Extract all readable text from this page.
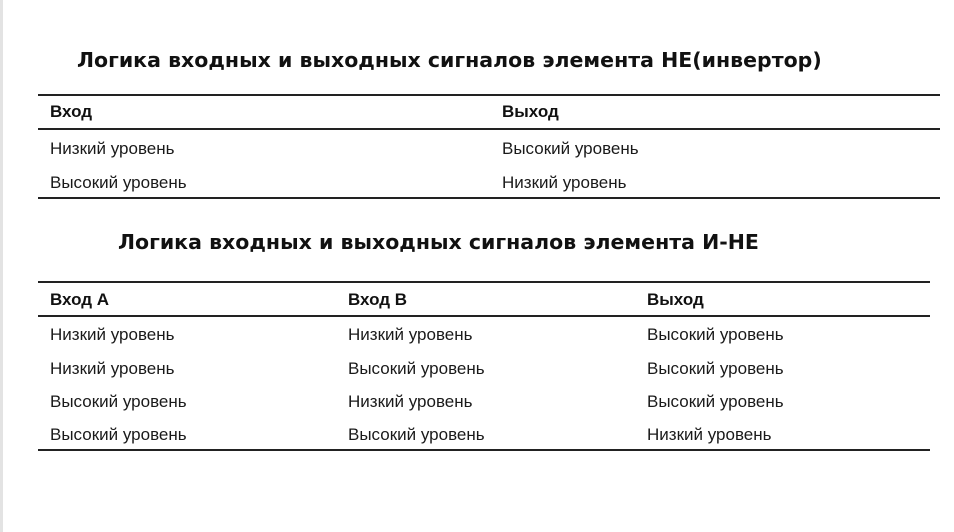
Логика входных и выходных сигналов элемента НЕ(инвертор)
Вход	Выход
Низкий уровень	Высокий уровень
Высокий уровень	Низкий уровень
Логика входных и выходных сигналов элемента И-НЕ
Вход A	Вход B	Выход
Низкий уровень	Низкий уровень	Высокий уровень
Низкий уровень	Высокий уровень	Высокий уровень
Высокий уровень	Низкий уровень	Высокий уровень
Высокий уровень	Высокий уровень	Низкий уровень
